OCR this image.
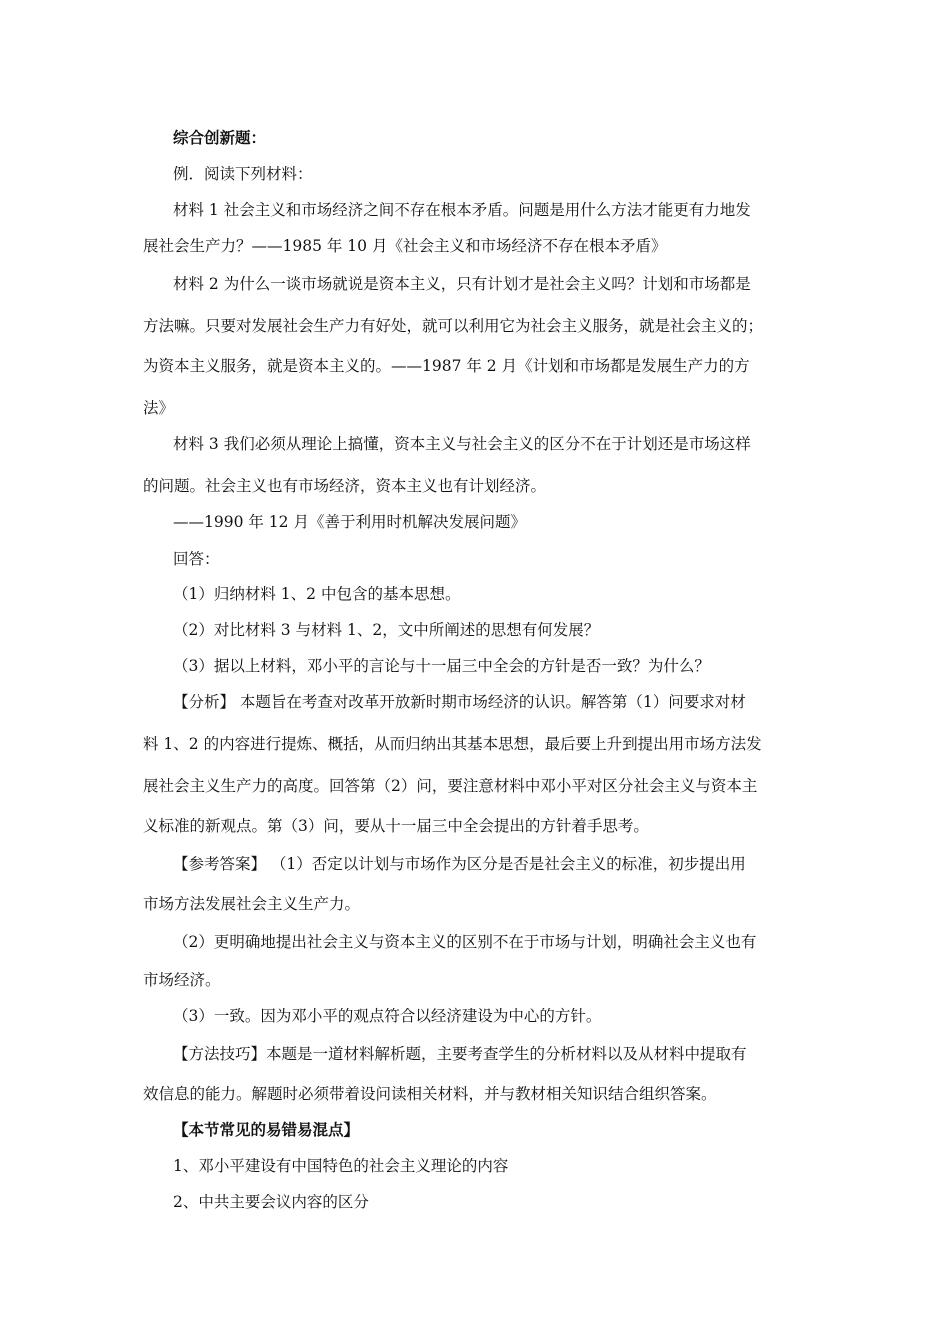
综合创新题：
例．阅读下列材料：
材料 1 社会主义和市场经济之间不存在根本矛盾。问题是用什么方法才能更有力地发
展社会生产力？——1985 年 10 月《社会主义和市场经济不存在根本矛盾》
材料 2 为什么一谈市场就说是资本主义，只有计划才是社会主义吗？计划和市场都是
方法嘛。只要对发展社会生产力有好处，就可以利用它为社会主义服务，就是社会主义的；
为资本主义服务，就是资本主义的。——1987 年 2 月《计划和市场都是发展生产力的方
法》
材料 3 我们必须从理论上搞懂，资本主义与社会主义的区分不在于计划还是市场这样
的问题。社会主义也有市场经济，资本主义也有计划经济。
——1990 年 12 月《善于利用时机解决发展问题》
回答：
（1）归纳材料 1、2 中包含的基本思想。
（2）对比材料 3 与材料 1、2，文中所阐述的思想有何发展？
（3）据以上材料，邓小平的言论与十一届三中全会的方针是否一致？为什么？
【分析】 本题旨在考查对改革开放新时期市场经济的认识。解答第（1）问要求对材
料 1、2 的内容进行提炼、概括，从而归纳出其基本思想，最后要上升到提出用市场方法发
展社会主义生产力的高度。回答第（2）问，要注意材料中邓小平对区分社会主义与资本主
义标准的新观点。第（3）问，要从十一届三中全会提出的方针着手思考。
【参考答案】 （1）否定以计划与市场作为区分是否是社会主义的标准，初步提出用
市场方法发展社会主义生产力。
（2）更明确地提出社会主义与资本主义的区别不在于市场与计划，明确社会主义也有
市场经济。
（3）一致。因为邓小平的观点符合以经济建设为中心的方针。
【方法技巧】本题是一道材料解析题，主要考查学生的分析材料以及从材料中提取有
效信息的能力。解题时必须带着设问读相关材料，并与教材相关知识结合组织答案。
【本节常见的易错易混点】
1、邓小平建设有中国特色的社会主义理论的内容
2、中共主要会议内容的区分
